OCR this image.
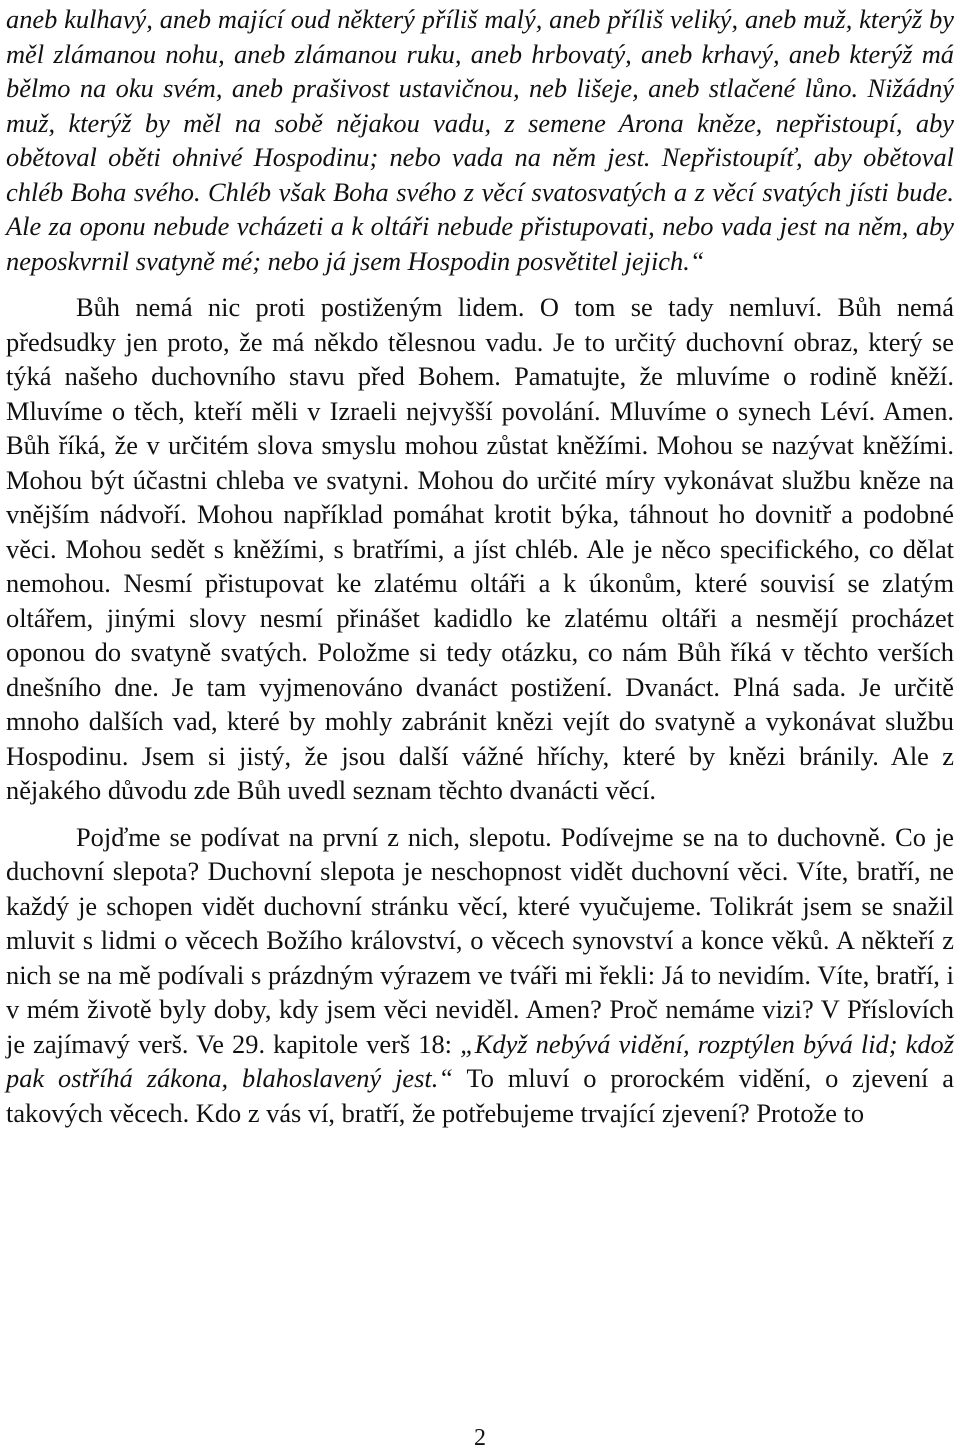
aneb kulhavý, aneb mající oud některý příliš malý, aneb příliš veliký, aneb muž, kterýž by měl zlámanou nohu, aneb zlámanou ruku, aneb hrbovatý, aneb krhavý, aneb kterýž má bělmo na oku svém, aneb prašivost ustavičnou, neb lišeje, aneb stlačené lůno. Nižádný muž, kterýž by měl na sobě nějakou vadu, z semene Arona kněze, nepřistoupí, aby obětoval oběti ohnivé Hospodinu; nebo vada na něm jest. Nepřistoupíť, aby obětoval chléb Boha svého. Chléb však Boha svého z věcí svatosvatých a z věcí svatých jísti bude. Ale za oponu nebude vcházeti a k oltáři nebude přistupovati, nebo vada jest na něm, aby neposkvrnil svatyně mé; nebo já jsem Hospodin posvětitel jejich.“

Bůh nemá nic proti postiženým lidem. O tom se tady nemluví. Bůh nemá předsudky jen proto, že má někdo tělesnou vadu. Je to určitý duchovní obraz, který se týká našeho duchovního stavu před Bohem. Pamatujte, že mluvíme o rodině kněží. Mluvíme o těch, kteří měli v Izraeli nejvyšší povolání. Mluvíme o synech Léví. Amen. Bůh říká, že v určitém slova smyslu mohou zůstat kněžími. Mohou se nazývat kněžími. Mohou být účastni chleba ve svatyni. Mohou do určité míry vykonávat službu kněze na vnějším nádvoří. Mohou například pomáhat krotit býka, táhnout ho dovnitř a podobné věci. Mohou sedět s kněžími, s bratřími, a jíst chléb. Ale je něco specifického, co dělat nemohou. Nesmí přistupovat ke zlatému oltáři a k úkonům, které souvisí se zlatým oltářem, jinými slovy nesmí přinášet kadidlo ke zlatému oltáři a nesmějí procházet oponou do svatyně svatých. Položme si tedy otázku, co nám Bůh říká v těchto verších dnešního dne. Je tam vyjmenováno dvanáct postižení. Dvanáct. Plná sada. Je určitě mnoho dalších vad, které by mohly zabránit knězi vejít do svatyně a vykonávat službu Hospodinu. Jsem si jistý, že jsou další vážné hříchy, které by knězi bránily. Ale z nějakého důvodu zde Bůh uvedl seznam těchto dvanácti věcí.

Pojďme se podívat na první z nich, slepotu. Podívejme se na to duchovně. Co je duchovní slepota? Duchovní slepota je neschopnost vidět duchovní věci. Víte, bratří, ne každý je schopen vidět duchovní stránku věcí, které vyučujeme. Tolikrát jsem se snažil mluvit s lidmi o věcech Božího království, o věcech synovství a konce věků. A někteří z nich se na mě podívali s prázdným výrazem ve tváři mi řekli: Já to nevidím. Víte, bratří, i v mém životě byly doby, kdy jsem věci neviděl. Amen? Proč nemáme vizi? V Příslovích je zajímavý verš. Ve 29. kapitole verš 18: „Když nebývá vidění, rozptýlen bývá lid; kdož pak ostříhá zákona, blahoslavený jest.“ To mluví o prorockém vidění, o zjevení a takových věcech. Kdo z vás ví, bratří, že potřebujeme trvající zjevení? Protože to

2
